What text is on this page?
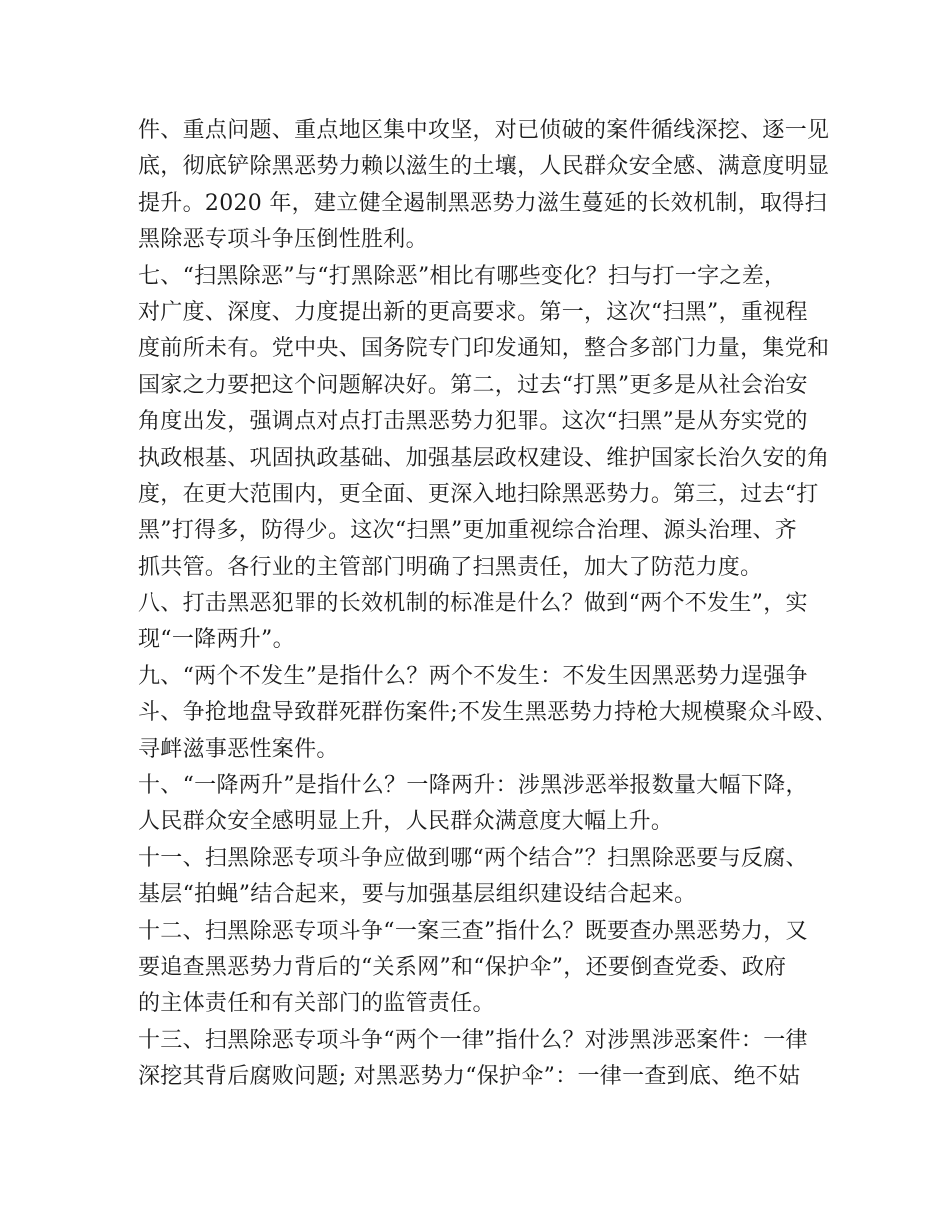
件、重点问题、重点地区集中攻坚，对已侦破的案件循线深挖、逐一见
底，彻底铲除黑恶势力赖以滋生的土壤，人民群众安全感、满意度明显
提升。2020 年，建立健全遏制黑恶势力滋生蔓延的长效机制，取得扫
黑除恶专项斗争压倒性胜利。
七、“扫黑除恶”与“打黑除恶”相比有哪些变化？扫与打一字之差，
对广度、深度、力度提出新的更高要求。第一，这次“扫黑”，重视程
度前所未有。党中央、国务院专门印发通知，整合多部门力量，集党和
国家之力要把这个问题解决好。第二，过去“打黑”更多是从社会治安
角度出发，强调点对点打击黑恶势力犯罪。这次“扫黑”是从夯实党的
执政根基、巩固执政基础、加强基层政权建设、维护国家长治久安的角
度，在更大范围内，更全面、更深入地扫除黑恶势力。第三，过去“打
黑”打得多，防得少。这次“扫黑”更加重视综合治理、源头治理、齐
抓共管。各行业的主管部门明确了扫黑责任，加大了防范力度。
八、打击黑恶犯罪的长效机制的标准是什么？做到“两个不发生”，实
现“一降两升”。
九、“两个不发生”是指什么？两个不发生：不发生因黑恶势力逞强争
斗、争抢地盘导致群死群伤案件;不发生黑恶势力持枪大规模聚众斗殴、
寻衅滋事恶性案件。
十、“一降两升”是指什么？一降两升：涉黑涉恶举报数量大幅下降，
人民群众安全感明显上升，人民群众满意度大幅上升。
十一、扫黑除恶专项斗争应做到哪“两个结合”？扫黑除恶要与反腐、
基层“拍蝇”结合起来，要与加强基层组织建设结合起来。
十二、扫黑除恶专项斗争“一案三查”指什么？既要查办黑恶势力，又
要追查黑恶势力背后的“关系网”和“保护伞”，还要倒查党委、政府
的主体责任和有关部门的监管责任。
十三、扫黑除恶专项斗争“两个一律”指什么？对涉黑涉恶案件：一律
深挖其背后腐败问题; 对黑恶势力“保护伞”：一律一查到底、绝不姑
